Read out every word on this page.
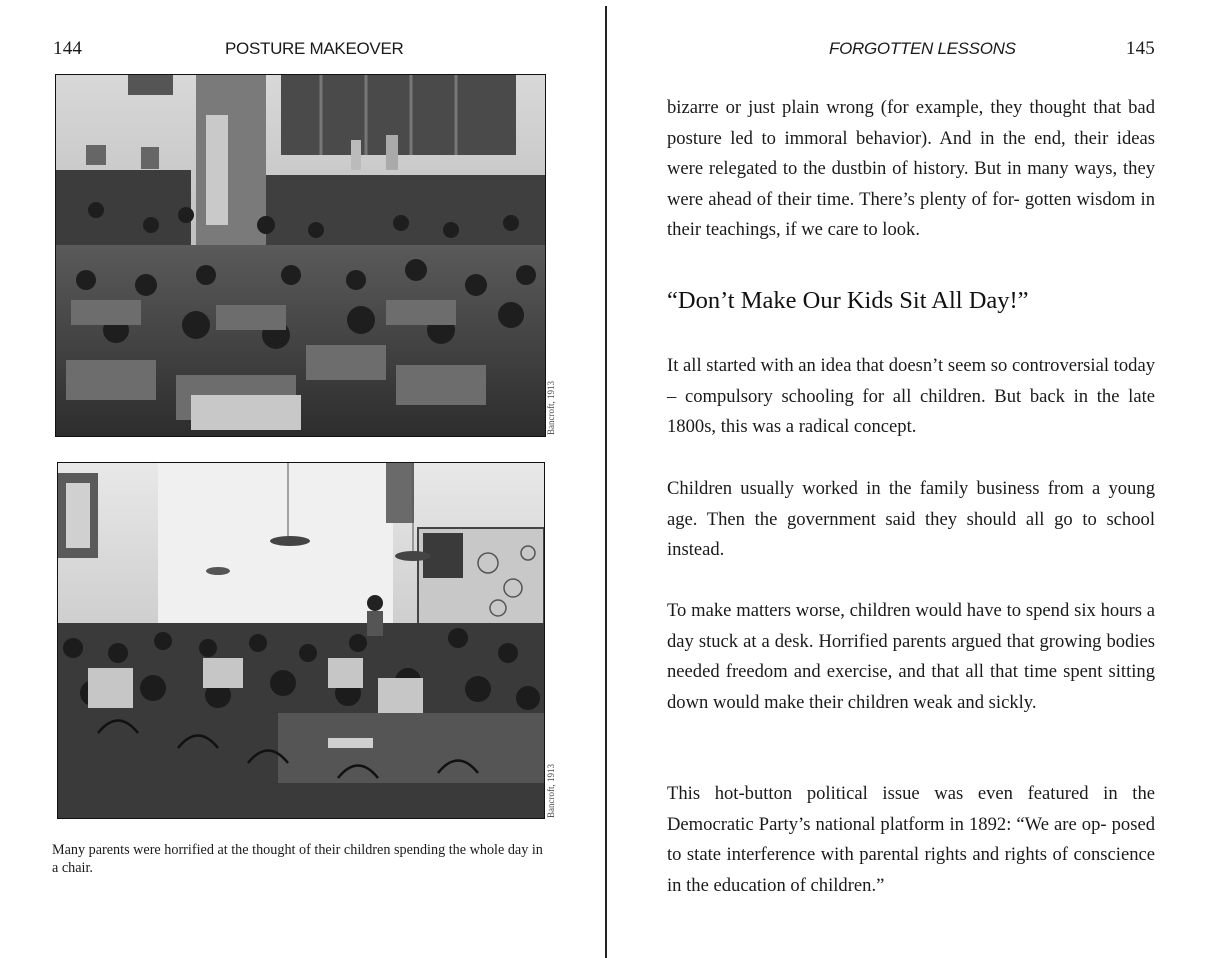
144	POSTURE MAKEOVER
Bancroft, 1913
Bancroft, 1913
Many parents were horrified at the thought of their children spending the whole day in a chair.
FORGOTTEN LESSONS	145

bizarre or just plain wrong (for example, they thought that bad posture led to immoral behavior). And in the end, their ideas were relegated to the dustbin of history. But in many ways, they were ahead of their time. There’s plenty of for- gotten wisdom in their teachings, if we care to look.

“Don’t Make Our Kids Sit All Day!”

It all started with an idea that doesn’t seem so controversial today – compulsory schooling for all children. But back in the late 1800s, this was a radical concept.

Children usually worked in the family business from a young age. Then the government said they should all go to school instead.

To make matters worse, children would have to spend six hours a day stuck at a desk. Horrified parents argued that growing bodies needed freedom and exercise, and that all that time spent sitting down would make their children weak and sickly.

This hot-button political issue was even featured in the Democratic Party’s national platform in 1892: “We are op- posed to state interference with parental rights and rights of conscience in the education of children.”
